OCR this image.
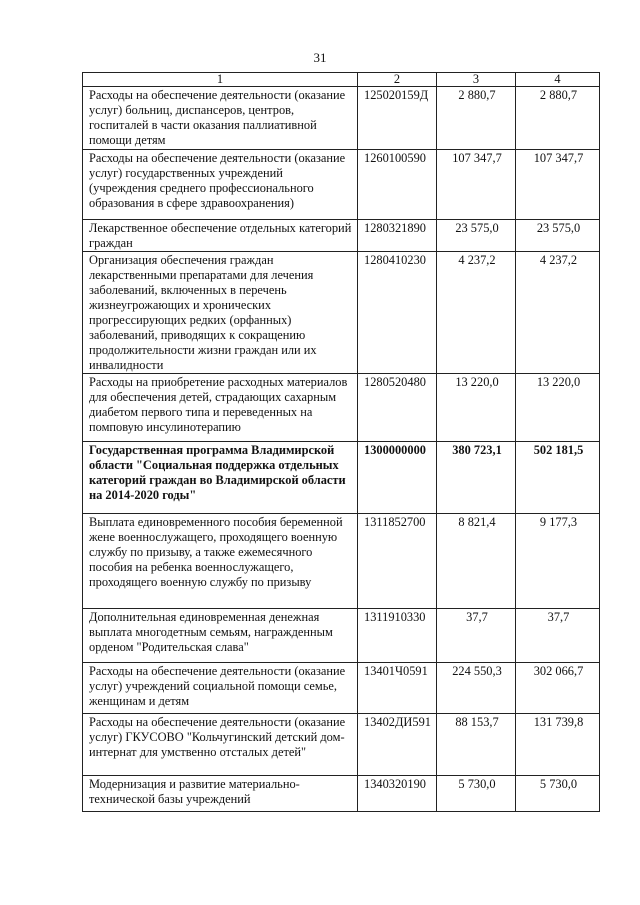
31
1	2	3	4
Расходы на обеспечение деятельности (оказание услуг) больниц, диспансеров, центров, госпиталей в части оказания паллиативной помощи детям	125020159Д	2 880,7	2 880,7
Расходы на обеспечение деятельности (оказание услуг) государственных учреждений (учреждения среднего профессионального образования в сфере здравоохранения)	1260100590	107 347,7	107 347,7
Лекарственное обеспечение отдельных категорий граждан	1280321890	23 575,0	23 575,0
Организация обеспечения граждан лекарственными препаратами для лечения заболеваний, включенных в перечень жизнеугрожающих и хронических прогрессирующих редких (орфанных) заболеваний, приводящих к сокращению продолжительности жизни граждан или их инвалидности	1280410230	4 237,2	4 237,2
Расходы на приобретение расходных материалов для обеспечения детей, страдающих сахарным диабетом первого типа и переведенных на помповую инсулинотерапию	1280520480	13 220,0	13 220,0
Государственная программа Владимирской области "Социальная поддержка отдельных категорий граждан во Владимирской области на 2014-2020 годы"	1300000000	380 723,1	502 181,5
Выплата единовременного пособия беременной жене военнослужащего, проходящего военную службу по призыву, а также ежемесячного пособия на ребенка военнослужащего, проходящего военную службу по призыву	1311852700	8 821,4	9 177,3
Дополнительная единовременная денежная выплата многодетным семьям, награжденным орденом "Родительская слава"	1311910330	37,7	37,7
Расходы на обеспечение деятельности (оказание услуг) учреждений социальной помощи семье, женщинам и детям	13401Ч0591	224 550,3	302 066,7
Расходы на обеспечение деятельности (оказание услуг) ГКУСОВО "Кольчугинский детский дом-интернат для умственно отсталых детей"	13402ДИ591	88 153,7	131 739,8
Модернизация и развитие материально-технической базы учреждений	1340320190	5 730,0	5 730,0
